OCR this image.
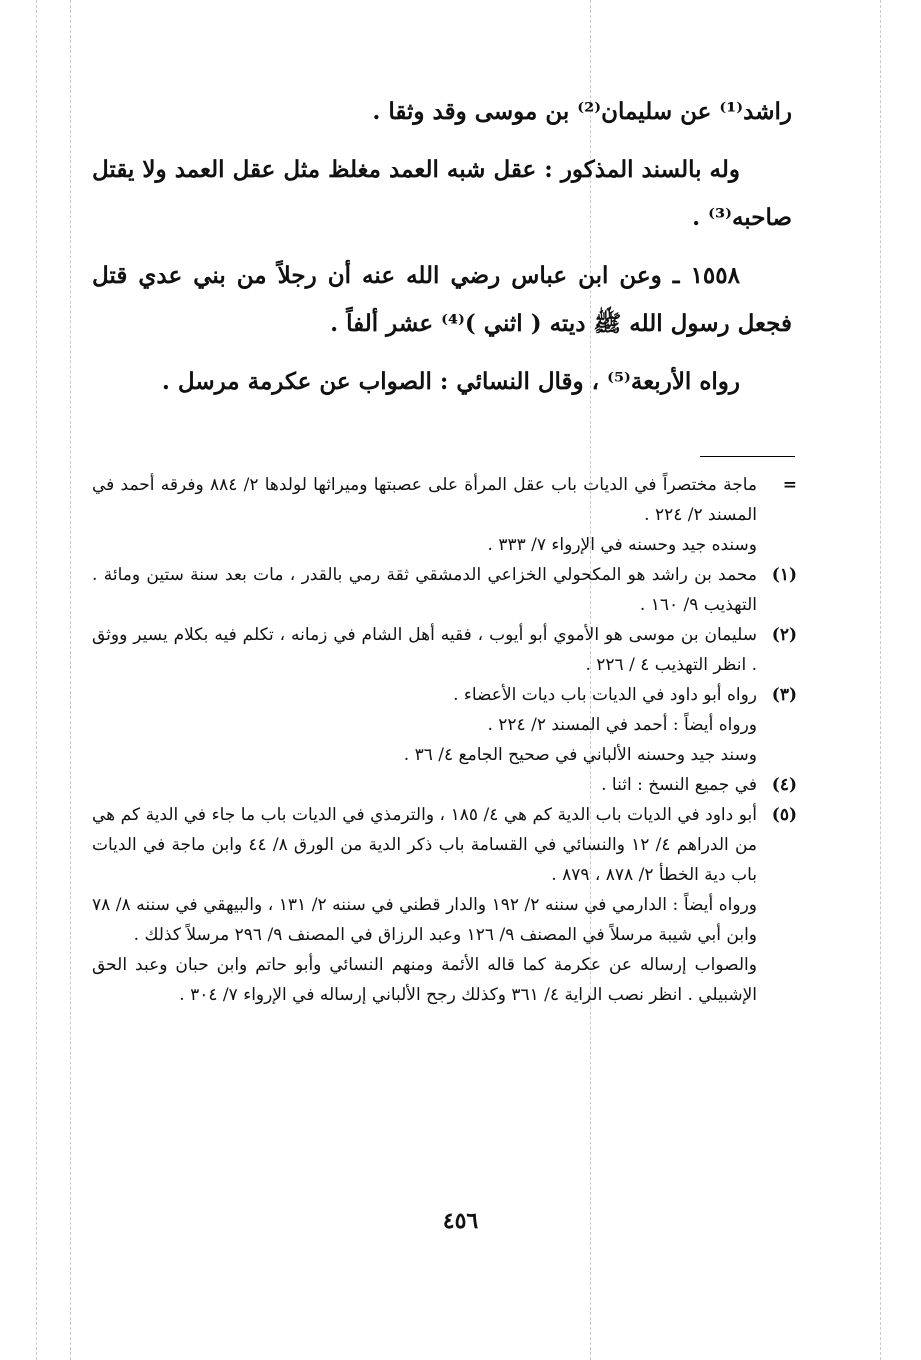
راشد⁽¹⁾ عن سليمان⁽²⁾ بن موسى وقد وثقا .

وله بالسند المذكور : عقل شبه العمد مغلظ مثل عقل العمد ولا يقتل صاحبه⁽³⁾ .

١٥٥٨ ـ وعن ابن عباس رضي الله عنه أن رجلاً من بني عدي قتل فجعل رسول الله ﷺ ديته ( اثني )⁽⁴⁾ عشر ألفاً .

رواه الأربعة⁽⁵⁾ ، وقال النسائي : الصواب عن عكرمة مرسل .

=

ماجة مختصراً في الديات باب عقل المرأة على عصبتها وميراثها لولدها ٢/ ٨٨٤ وفرقه أحمد في المسند ٢/ ٢٢٤ .

وسنده جيد وحسنه في الإرواء ٧/ ٣٣٣ .

(١)

محمد بن راشد هو المكحولي الخزاعي الدمشقي ثقة رمي بالقدر ، مات بعد سنة ستين ومائة . التهذيب ٩/ ١٦٠ .

(٢)

سليمان بن موسى هو الأموي أبو أيوب ، فقيه أهل الشام في زمانه ، تكلم فيه بكلام يسير ووثق . انظر التهذيب ٤ / ٢٢٦ .

(٣)

رواه أبو داود في الديات باب ديات الأعضاء .

ورواه أيضاً : أحمد في المسند ٢/ ٢٢٤ .

وسند جيد وحسنه الألباني في صحيح الجامع ٤/ ٣٦ .

(٤)

في جميع النسخ : اثنا .

(٥)

أبو داود في الديات باب الدية كم هي ٤/ ١٨٥ ، والترمذي في الديات باب ما جاء في الدية كم هي من الدراهم ٤/ ١٢ والنسائي في القسامة باب ذكر الدية من الورق ٨/ ٤٤ وابن ماجة في الديات باب دية الخطأ ٢/ ٨٧٨ ، ٨٧٩ .

ورواه أيضاً : الدارمي في سننه ٢/ ١٩٢ والدار قطني في سننه ٢/ ١٣١ ، والبيهقي في سننه ٨/ ٧٨ وابن أبي شيبة مرسلاً في المصنف ٩/ ١٢٦ وعبد الرزاق في المصنف ٩/ ٢٩٦ مرسلاً كذلك .

والصواب إرساله عن عكرمة كما قاله الأئمة ومنهم النسائي وأبو حاتم وابن حبان وعبد الحق الإشبيلي . انظر نصب الراية ٤/ ٣٦١ وكذلك رجح الألباني إرساله في الإرواء ٧/ ٣٠٤ .

٤٥٦
